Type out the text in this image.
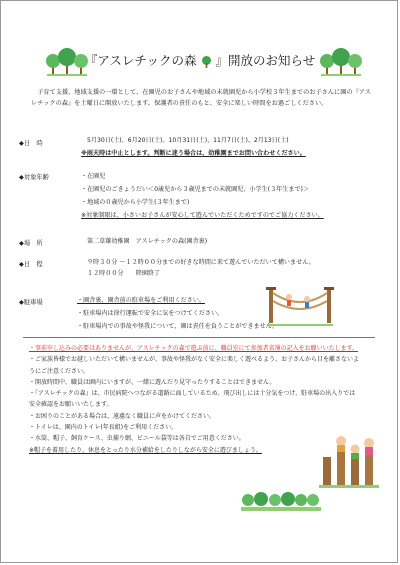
『アスレチックの森 』開放のお知らせ
子育て支援、地域支援の一環として、在園児のお子さんや地域の未就園児から小学校３年生までのお子さんに園の『アスレチックの森』を土曜日に開放いたします。保護者の責任のもと、安全に楽しい時間をお過ごしください。
◆日　時	5月30日(土)、6月20日(土)、10月31日(土)、11月7日(土)、2月13日(土)
※雨天時は中止とします。判断に迷う場合は、幼稚園までお問い合わせください。
◆対象年齢	・在園児
・在園児のごきょうだい＜0歳児から３歳児までの未就園児、小学生(３年生まで)＞
・地域の０歳児から小学生(３年生まで)
※対象制限は、小さいお子さんが安心して遊んでいただくためですのでご協力ください。
◆場　所	第二草薙幼稚園　アスレチックの森(園舎裏)
◆日　程	９時３０分 〜１２時００分までの好きな時間に来て遊んでいただいて構いません。
１２時００分　　降園終了
◆駐車場	・園舎裏、園舎前の駐車場をご利用ください。
・駐車場内は徐行運転で安全に気をつけてください。
・駐車場内での事故や怪我について、園は責任を負うことができません。
・事前申し込みの必要はありませんが、アスレチックの森で遊ぶ前に、職員室にて参加者名簿の記入をお願いいたします。
・ご家族皆様でお越しいただいて構いませんが、事故や怪我がなく安全に楽しく遊べるよう、お子さんから目を離さないようにご注意ください。
・開放時間中、職員は園内にいますが、一緒に遊んだり見守ったりすることはできません。
・『アスレチックの森』は、市民病院へつながる道路に面しているため、飛び出しには十分気をつけ、駐車場の出入りでは安全確認をお願いいたします。
・お困りのことがある場合は、遠慮なく職員に声をかけてください。
・トイレは、園内のトイレ(年長組)をご利用ください。
・水筒、帽子、飼育ケース、虫捕り網、ビニール袋等は各自でご用意ください。
※帽子を着用したり、休息をとったり水分補給をしたりしながら安全に遊びましょう。
